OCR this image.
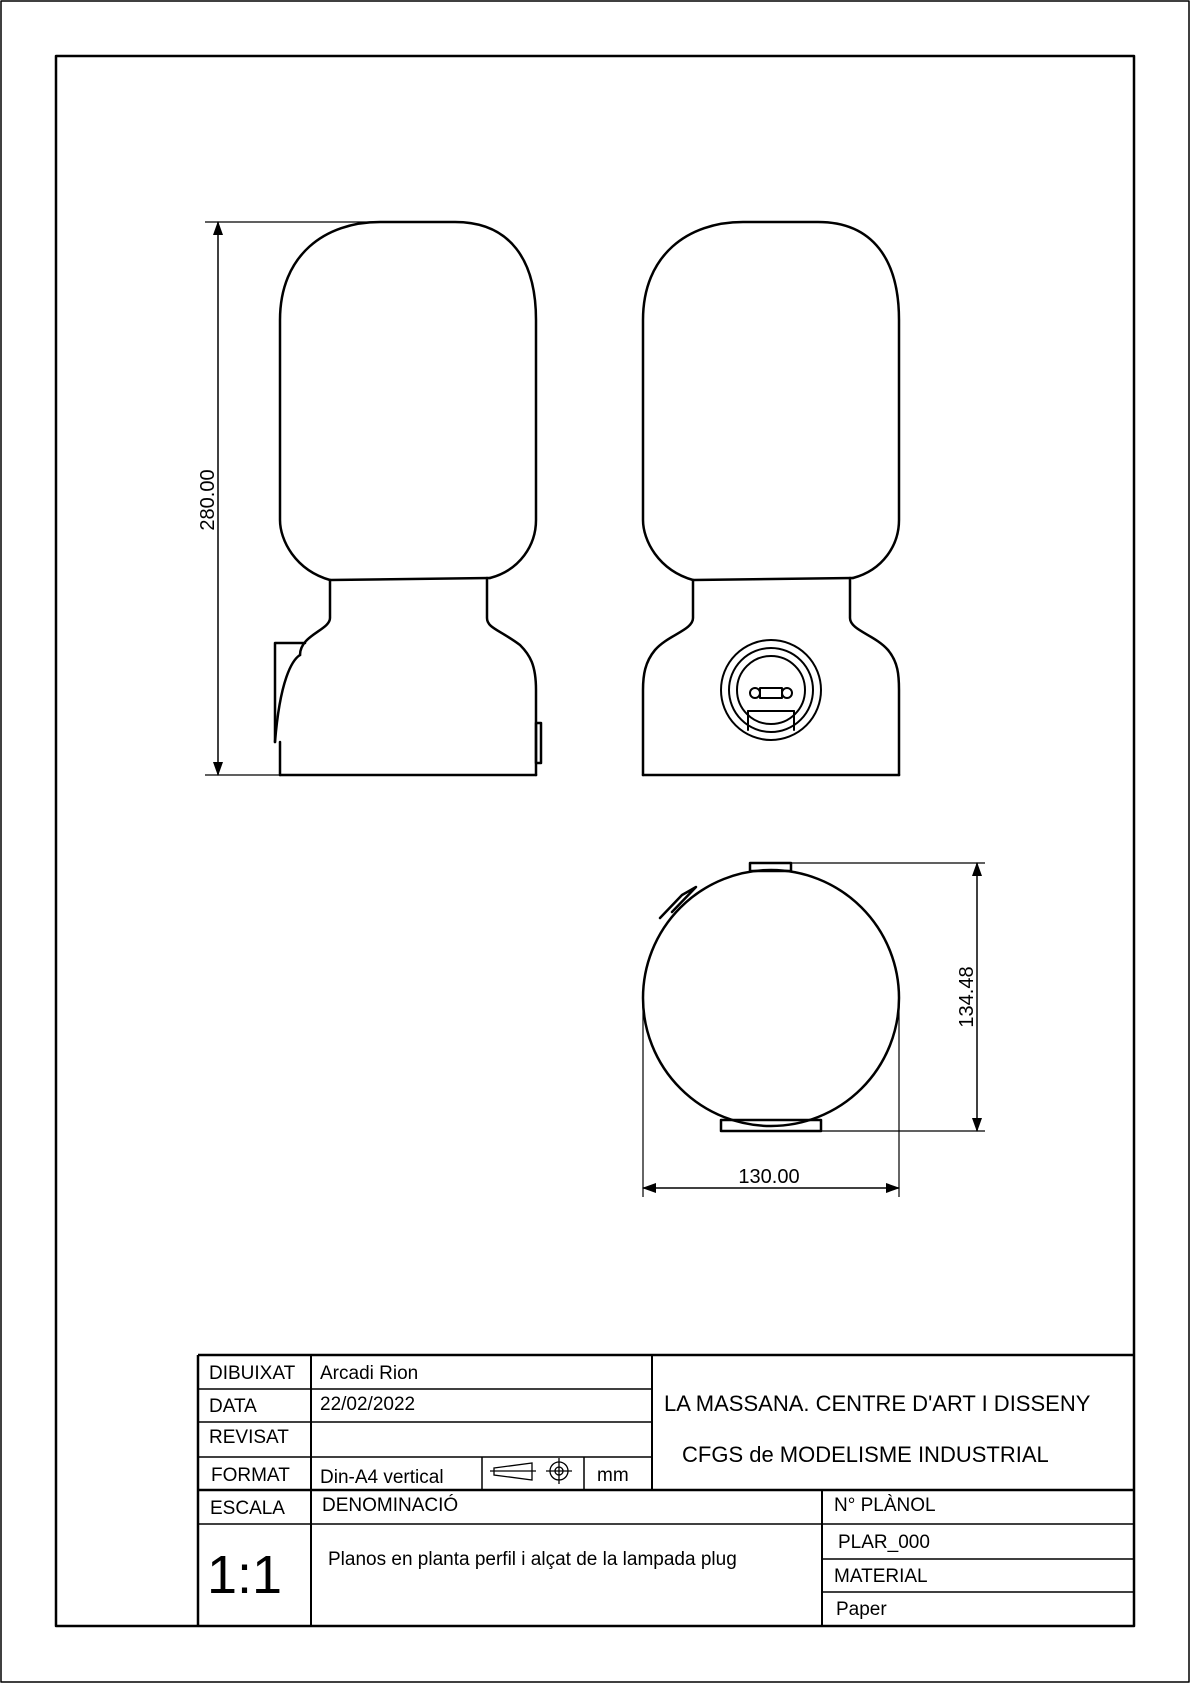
280.00
134.48
130.00
DIBUIXAT Arcadi Rion
DATA	22/02/2022
REVISAT
FORMAT Din-A4 vertical	mm
LA MASSANA. CENTRE D'ART I DISSENY
CFGS de MODELISME INDUSTRIAL
ESCALA
1:1
DENOMINACIÓ
Planos en planta perfil i alçat de la lampada plug
N° PLÀNOL
PLAR_000
MATERIAL
Paper
